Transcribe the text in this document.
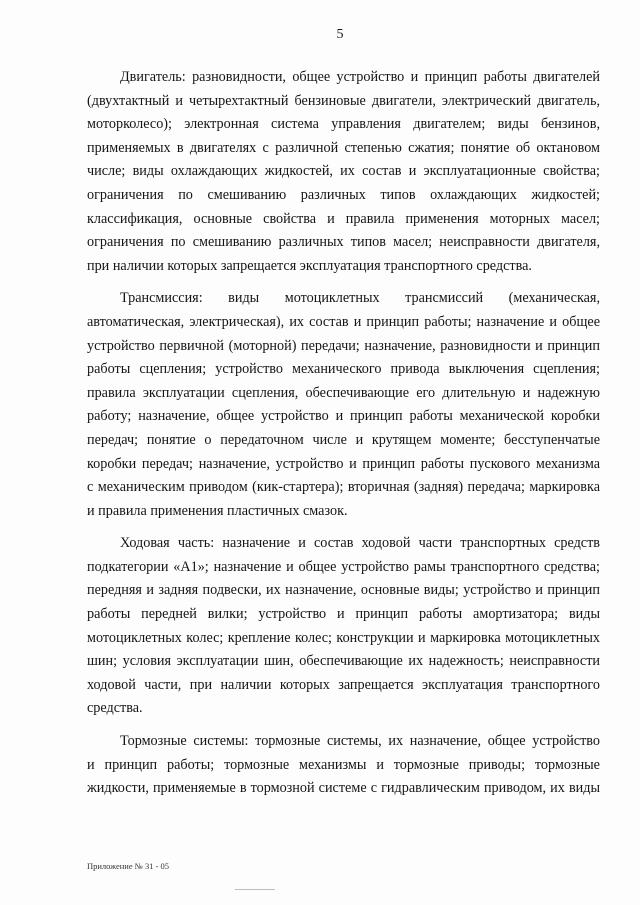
5
Двигатель: разновидности, общее устройство и принцип работы двигателей
(двухтактный и четырехтактный бензиновые двигатели, электрический двигатель,
моторколесо); электронная система управления двигателем; виды бензинов,
применяемых в двигателях с различной степенью сжатия; понятие об октановом
числе; виды охлаждающих жидкостей, их состав и эксплуатационные свойства;
ограничения по смешиванию различных типов охлаждающих жидкостей;
классификация, основные свойства и правила применения моторных масел;
ограничения по смешиванию различных типов масел; неисправности двигателя,
при наличии которых запрещается эксплуатация транспортного средства.
Трансмиссия: виды мотоциклетных трансмиссий (механическая,
автоматическая, электрическая), их состав и принцип работы; назначение и общее
устройство первичной (моторной) передачи; назначение, разновидности и принцип
работы сцепления; устройство механического привода выключения сцепления;
правила эксплуатации сцепления, обеспечивающие его длительную и надежную
работу; назначение, общее устройство и принцип работы механической коробки
передач; понятие о передаточном числе и крутящем моменте; бесступенчатые
коробки передач; назначение, устройство и принцип работы пускового механизма
с механическим приводом (кик-стартера); вторичная (задняя) передача; маркировка
и правила применения пластичных смазок.
Ходовая часть: назначение и состав ходовой части транспортных средств
подкатегории «А1»; назначение и общее устройство рамы транспортного средства;
передняя и задняя подвески, их назначение, основные виды; устройство и принцип
работы передней вилки; устройство и принцип работы амортизатора; виды
мотоциклетных колес; крепление колес; конструкции и маркировка мотоциклетных
шин; условия эксплуатации шин, обеспечивающие их надежность; неисправности
ходовой части, при наличии которых запрещается эксплуатация транспортного
средства.
Тормозные системы: тормозные системы, их назначение, общее устройство
и принцип работы; тормозные механизмы и тормозные приводы; тормозные
жидкости, применяемые в тормозной системе с гидравлическим приводом, их виды
Приложение № 31 - 05
